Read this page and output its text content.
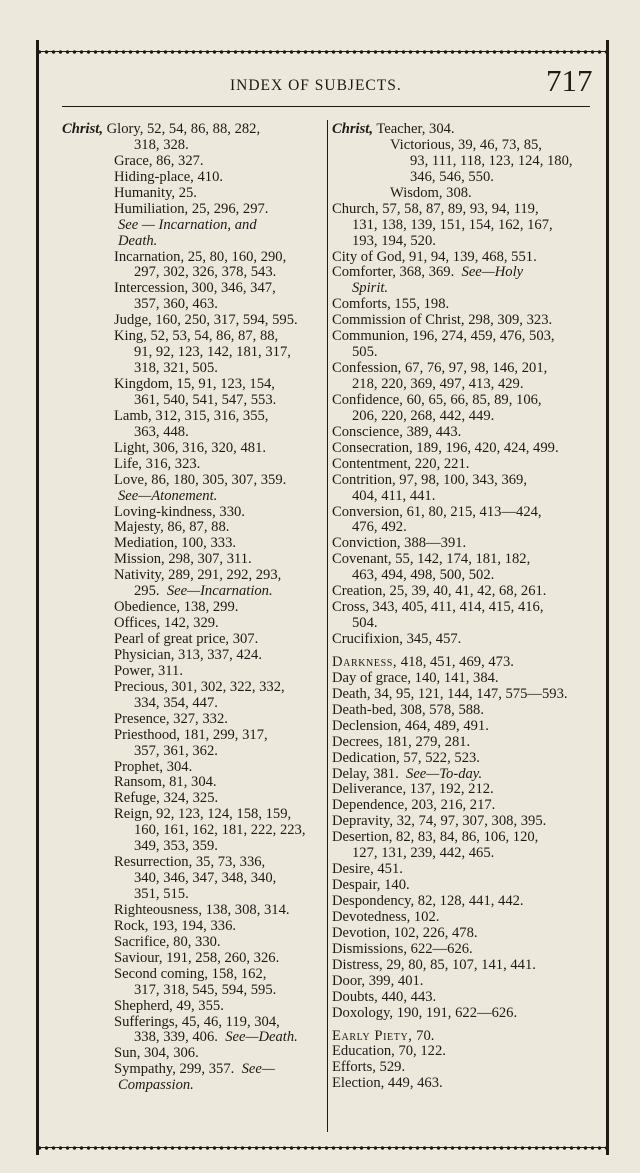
INDEX OF SUBJECTS.	717
Christ, Glory, 52, 54, 86, 88, 282,
318, 328.
Grace, 86, 327.
Hiding-place, 410.
Humanity, 25.
Humiliation, 25, 296, 297.
See — Incarnation, and
Death.
Incarnation, 25, 80, 160, 290,
297, 302, 326, 378, 543.
Intercession, 300, 346, 347,
357, 360, 463.
Judge, 160, 250, 317, 594, 595.
King, 52, 53, 54, 86, 87, 88,
91, 92, 123, 142, 181, 317,
318, 321, 505.
Kingdom, 15, 91, 123, 154,
361, 540, 541, 547, 553.
Lamb, 312, 315, 316, 355,
363, 448.
Light, 306, 316, 320, 481.
Life, 316, 323.
Love, 86, 180, 305, 307, 359.
See—Atonement.
Loving-kindness, 330.
Majesty, 86, 87, 88.
Mediation, 100, 333.
Mission, 298, 307, 311.
Nativity, 289, 291, 292, 293,
295. See—Incarnation.
Obedience, 138, 299.
Offices, 142, 329.
Pearl of great price, 307.
Physician, 313, 337, 424.
Power, 311.
Precious, 301, 302, 322, 332,
334, 354, 447.
Presence, 327, 332.
Priesthood, 181, 299, 317,
357, 361, 362.
Prophet, 304.
Ransom, 81, 304.
Refuge, 324, 325.
Reign, 92, 123, 124, 158, 159,
160, 161, 162, 181, 222, 223,
349, 353, 359.
Resurrection, 35, 73, 336,
340, 346, 347, 348, 340,
351, 515.
Righteousness, 138, 308, 314.
Rock, 193, 194, 336.
Sacrifice, 80, 330.
Saviour, 191, 258, 260, 326.
Second coming, 158, 162,
317, 318, 545, 594, 595.
Shepherd, 49, 355.
Sufferings, 45, 46, 119, 304,
338, 339, 406. See—Death.
Sun, 304, 306.
Sympathy, 299, 357. See—
Compassion.
Christ, Teacher, 304.
Victorious, 39, 46, 73, 85,
93, 111, 118, 123, 124, 180,
346, 546, 550.
Wisdom, 308.
Church, 57, 58, 87, 89, 93, 94, 119,
131, 138, 139, 151, 154, 162, 167,
193, 194, 520.
City of God, 91, 94, 139, 468, 551.
Comforter, 368, 369. See—Holy
Spirit.
Comforts, 155, 198.
Commission of Christ, 298, 309, 323.
Communion, 196, 274, 459, 476, 503,
505.
Confession, 67, 76, 97, 98, 146, 201,
218, 220, 369, 497, 413, 429.
Confidence, 60, 65, 66, 85, 89, 106,
206, 220, 268, 442, 449.
Conscience, 389, 443.
Consecration, 189, 196, 420, 424, 499.
Contentment, 220, 221.
Contrition, 97, 98, 100, 343, 369,
404, 411, 441.
Conversion, 61, 80, 215, 413—424,
476, 492.
Conviction, 388—391.
Covenant, 55, 142, 174, 181, 182,
463, 494, 498, 500, 502.
Creation, 25, 39, 40, 41, 42, 68, 261.
Cross, 343, 405, 411, 414, 415, 416,
504.
Crucifixion, 345, 457.
Darkness, 418, 451, 469, 473.
Day of grace, 140, 141, 384.
Death, 34, 95, 121, 144, 147, 575—593.
Death-bed, 308, 578, 588.
Declension, 464, 489, 491.
Decrees, 181, 279, 281.
Dedication, 57, 522, 523.
Delay, 381. See—To-day.
Deliverance, 137, 192, 212.
Dependence, 203, 216, 217.
Depravity, 32, 74, 97, 307, 308, 395.
Desertion, 82, 83, 84, 86, 106, 120,
127, 131, 239, 442, 465.
Desire, 451.
Despair, 140.
Despondency, 82, 128, 441, 442.
Devotedness, 102.
Devotion, 102, 226, 478.
Dismissions, 622—626.
Distress, 29, 80, 85, 107, 141, 441.
Door, 399, 401.
Doubts, 440, 443.
Doxology, 190, 191, 622—626.
Early Piety, 70.
Education, 70, 122.
Efforts, 529.
Election, 449, 463.
